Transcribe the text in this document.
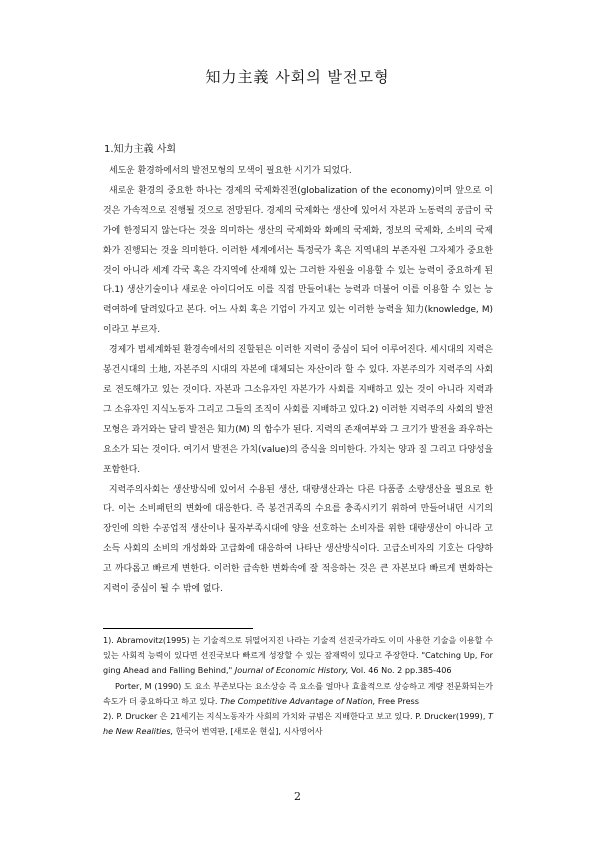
知力主義 사회의 발전모형
1.知力主義 사회

세도운 환경하에서의 발전모형의 모색이 필요한 시기가 되었다.

새로운 환경의 중요한 하나는 경제의 국제화진전(globalization of the economy)이며 앞으로 이것은 가속적으로 진행될 것으로 전망된다. 경제의 국제화는 생산에 있어서 자본과 노동력의 공급이 국가에 한정되지 않는다는 것을 의미하는 생산의 국제화와 화폐의 국제화, 정보의 국제화, 소비의 국제화가 진행되는 것을 의미한다. 이러한 세계에서는 특정국가 혹은 지역내의 부존자원 그자체가 중요한 것이 아니라 세계 각국 혹은 각지역에 산재해 있는 그러한 자원을 이용할 수 있는 능력이 중요하게 된다.1) 생산기술이나 새로운 아이디어도 이를 직접 만들어내는 능력과 더불어 이를 이용할 수 있는 능력여하에 달려있다고 본다. 어느 사회 혹은 기업이 가지고 있는 이러한 능력을 知力(knowledge, M)이라고 부르자.

경제가 범세계화된 환경속에서의 진할된은 이러한 지력이 중심이 되어 이루어진다. 세시대의 지력은 봉건시대의 土地, 자본주의 시대의 자본에 대체되는 자산이라 할 수 있다. 자본주의가 지력주의 사회로 전도해가고 있는 것이다. 자본과 그소유자인 자본가가 사회를 지배하고 있는 것이 아니라 지력과 그 소유자인 지식노동자 그리고 그들의 조직이 사회를 지배하고 있다.2) 이러한 지력주의 사회의 발전모형은 과거와는 달리 발전은 知力(M) 의 함수가 된다. 지력의 존재여부와 그 크기가 발전을 좌우하는 요소가 되는 것이다. 여기서 발전은 가치(value)의 증식을 의미한다. 가치는 양과 질 그리고 다양성을 포함한다.

지력주의사회는 생산방식에 있어서 수용된 생산, 대량생산과는 다른 다품종 소량생산을 필요로 한다. 이는 소비패턴의 변화에 대응한다. 즉 봉건귀족의 수요를 충족시키기 위하여 만들어내던 시기의 장인에 의한 수공업적 생산이나 물자부족시대에 양을 선호하는 소비자를 위한 대량생산이 아니라 고소득 사회의 소비의 개성화와 고급화에 대응하여 나타난 생산방식이다. 고급소비자의 기호는 다양하고 까다롭고 빠르게 변한다. 이러한 급속한 변화속에 잘 적응하는 것은 큰 자본보다 빠르게 변화하는 지력이 중심이 될 수 밖에 없다.

1). Abramovitz(1995) 는 기술적으로 뒤떨어지진 나라는 기술적 선진국가라도 이미 사용한 기술을 이용할 수 있는 사회적 능력이 있다면 선진국보다 빠르게 성장할 수 있는 잠재력이 있다고 주장한다. "Catching Up, Forging Ahead and Falling Behind," Journal of Economic History, Vol. 46 No. 2 pp.385-406

Porter, M (1990) 도 요소 부존보다는 요소상승 즉 요소를 얼마나 효율적으로 상승하고 계량 전문화되는가 속도가 더 중요하다고 하고 있다. The Competitive Advantage of Nation, Free Press

2). P. Drucker 은 21세기는 지식노동자가 사회의 가치와 규범은 지배한다고 보고 있다. P. Drucker(1999), The New Realities, 한국어 번역판, [새로운 현실], 시사영어사

2
